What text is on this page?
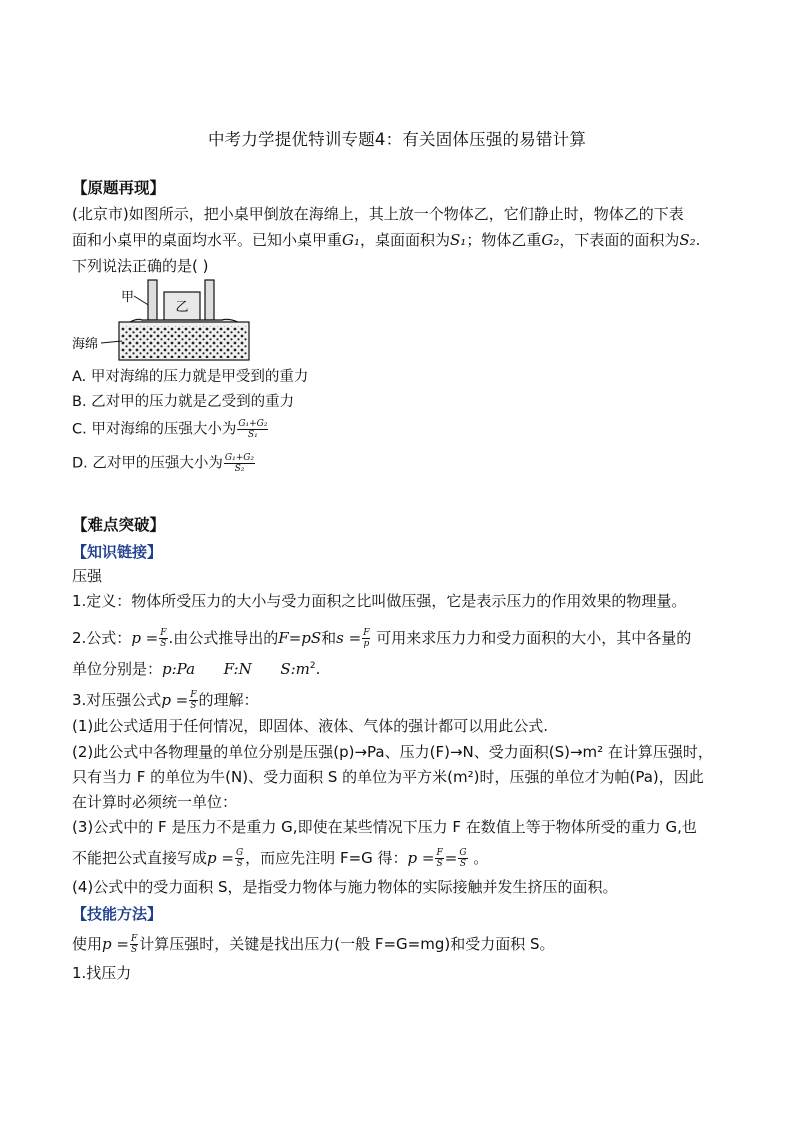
中考力学提优特训专题4：有关固体压强的易错计算
【原题再现】
(北京市)如图所示，把小桌甲倒放在海绵上，其上放一个物体乙，它们静止时，物体乙的下表
面和小桌甲的桌面均水平。已知小桌甲重G₁，桌面面积为S₁；物体乙重G₂，下表面的面积为S₂.
下列说法正确的是( )
甲
乙
海绵
A. 甲对海绵的压力就是甲受到的重力
B. 乙对甲的压力就是乙受到的重力
C. 甲对海绵的压强大小为 $\frac{\text{G₁+G₂}}{\text{S₁}}$
D. 乙对甲的压强大小为 $\frac{\text{G₁+G₂}}{\text{S₂}}$
【难点突破】
【知识链接】
压强
1.定义：物体所受压力的大小与受力面积之比叫做压强，它是表示压力的作用效果的物理量。
2.公式：$p = \frac{F}{S}$ .由公式推导出的F=pS和$s = \frac{F}{p}$ 可用来求压力力和受力面积的大小，其中各量的
单位分别是：p:Pa F:N $S:m^2$.
3.对压强公式$p = \frac{F}{S}$ 的理解：
(1)此公式适用于任何情况，即固体、液体、气体的强计都可以用此公式.
(2)此公式中各物理量的单位分别是压强(p)→Pa、压力(F)→N、受力面积(S)→m² 在计算压强时，
只有当力 F 的单位为牛(N)、受力面积 S 的单位为平方米(m²)时，压强的单位才为帕(Pa)，因此
在计算时必须统一单位：
(3)公式中的 F 是压力不是重力 G,即使在某些情况下压力 F 在数值上等于物体所受的重力 G,也
不能把公式直接写成$p = \frac{G}{S}$ ，而应先注明 F=G 得：$p = \frac{F}{S} = \frac{G}{S}$ 。
(4)公式中的受力面积 S，是指受力物体与施力物体的实际接触并发生挤压的面积。
【技能方法】
使用$p = \frac{F}{S}$ 计算压强时，关键是找出压力(一般 F=G=mg)和受力面积 S。
1.找压力
